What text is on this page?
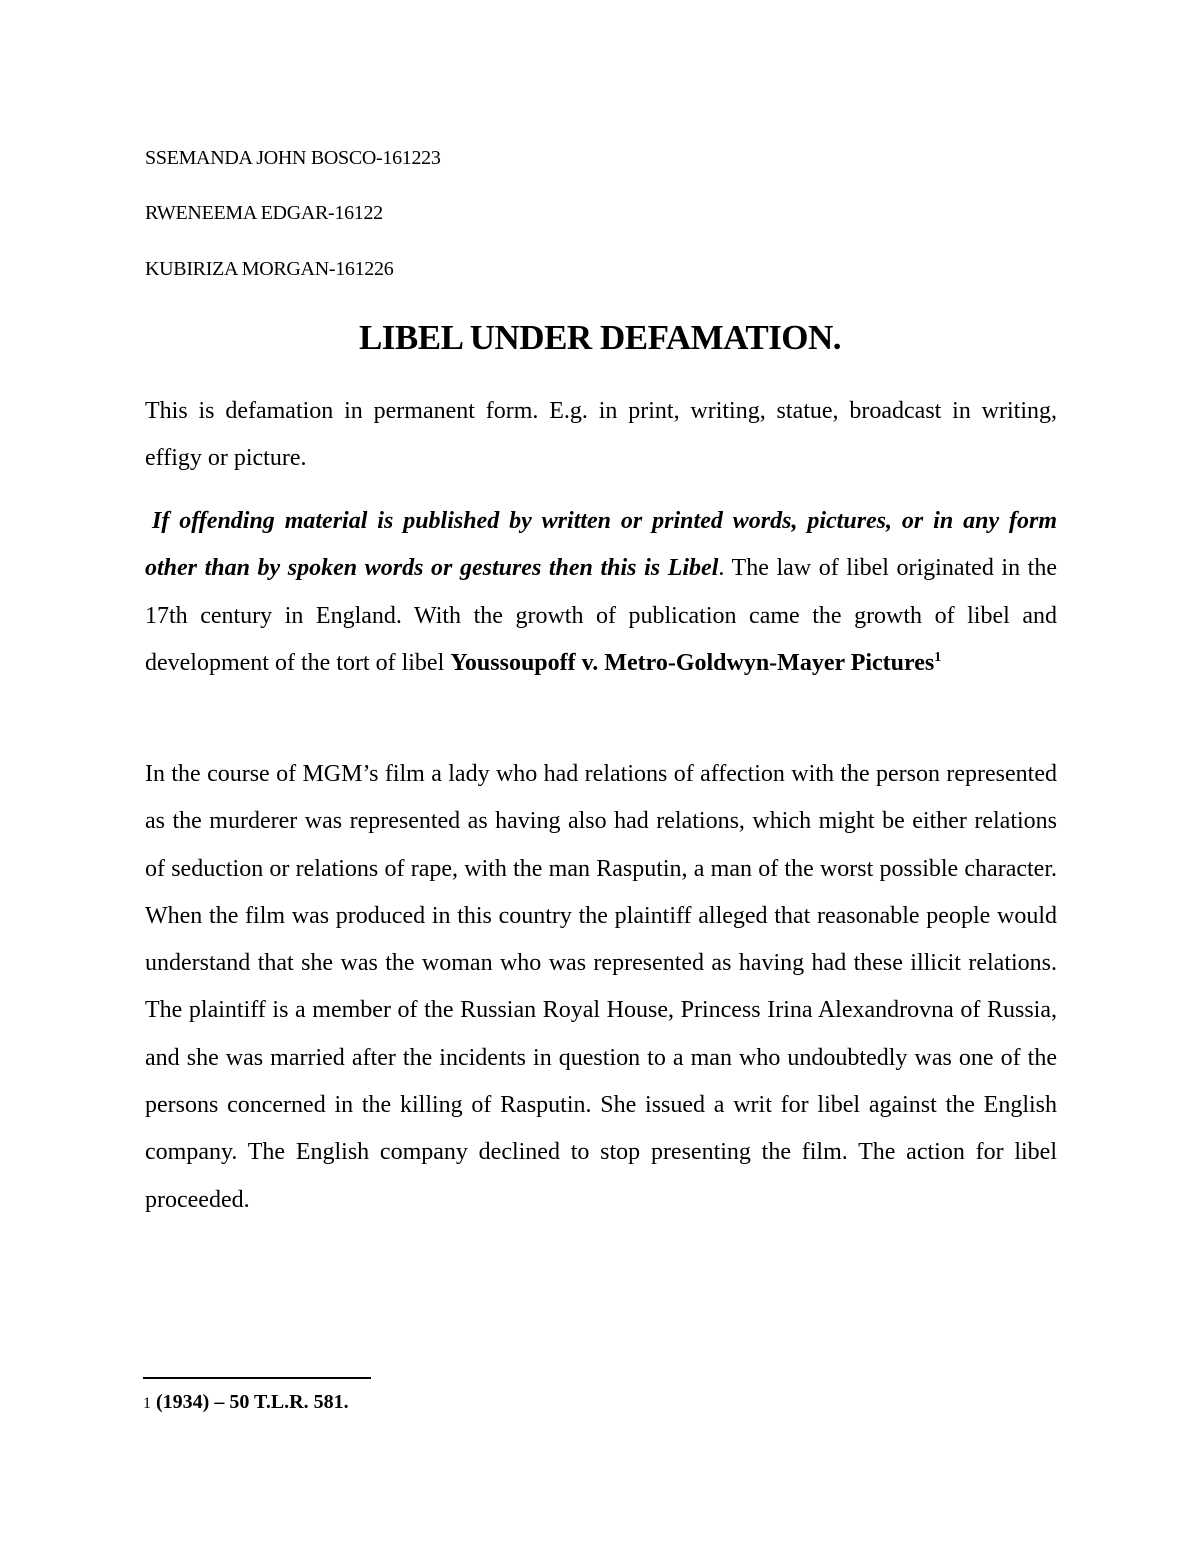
SSEMANDA JOHN BOSCO-161223
RWENEEMA EDGAR-16122
KUBIRIZA MORGAN-161226
LIBEL UNDER DEFAMATION.

This is defamation in permanent form. E.g. in print, writing, statue, broadcast in writing, effigy or picture.

If offending material is published by written or printed words, pictures, or in any form other than by spoken words or gestures then this is Libel. The law of libel originated in the 17th century in England. With the growth of publication came the growth of libel and development of the tort of libel Youssoupoff v. Metro-Goldwyn-Mayer Pictures$^1$

In the course of MGM’s film a lady who had relations of affection with the person represented as the murderer was represented as having also had relations, which might be either relations of seduction or relations of rape, with the man Rasputin, a man of the worst possible character. When the film was produced in this country the plaintiff alleged that reasonable people would understand that she was the woman who was represented as having had these illicit relations. The plaintiff is a member of the Russian Royal House, Princess Irina Alexandrovna of Russia, and she was married after the incidents in question to a man who undoubtedly was one of the persons concerned in the killing of Rasputin. She issued a writ for libel against the English company. The English company declined to stop presenting the film. The action for libel proceeded.

1 (1934) – 50 T.L.R. 581.
